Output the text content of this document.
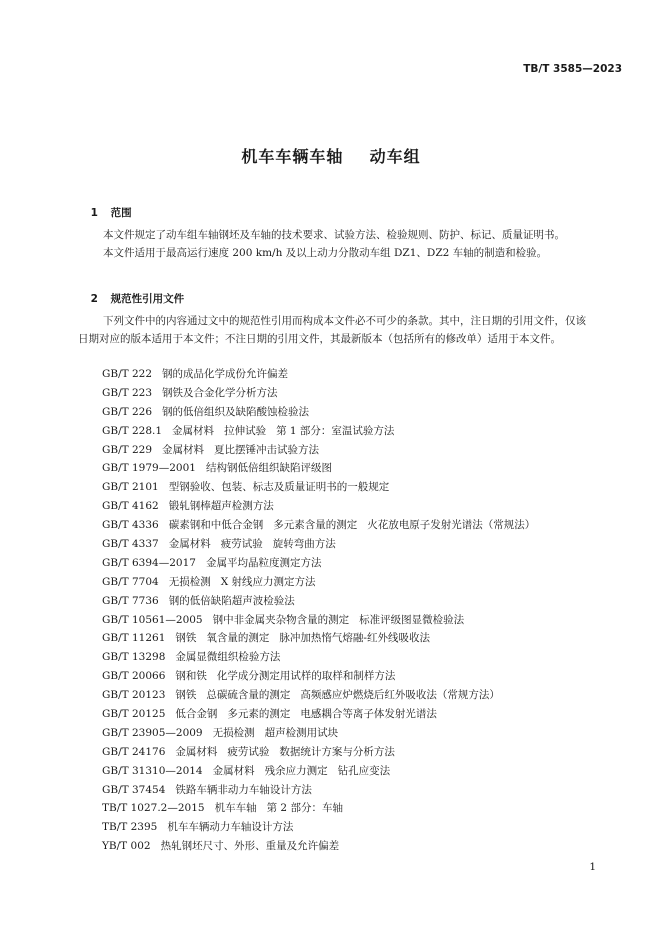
TB/T 3585—2023
机车车辆车轴    动车组

1 范围

本文件规定了动车组车轴钢坯及车轴的技术要求、试验方法、检验规则、防护、标记、质量证明书。

本文件适用于最高运行速度 200 km/h 及以上动力分散动车组 DZ1、DZ2 车轴的制造和检验。

2 规范性引用文件

下列文件中的内容通过文中的规范性引用而构成本文件必不可少的条款。其中，注日期的引用文件，仅该日期对应的版本适用于本文件；不注日期的引用文件，其最新版本（包括所有的修改单）适用于本文件。

GB/T 222   钢的成品化学成份允许偏差
GB/T 223   钢铁及合金化学分析方法
GB/T 226   钢的低倍组织及缺陷酸蚀检验法
GB/T 228.1   金属材料   拉伸试验   第 1 部分：室温试验方法
GB/T 229   金属材料   夏比摆锤冲击试验方法
GB/T 1979—2001   结构钢低倍组织缺陷评级图
GB/T 2101   型钢验收、包装、标志及质量证明书的一般规定
GB/T 4162   锻轧钢棒超声检测方法
GB/T 4336   碳素钢和中低合金钢   多元素含量的测定   火花放电原子发射光谱法（常规法）
GB/T 4337   金属材料   疲劳试验   旋转弯曲方法
GB/T 6394—2017   金属平均晶粒度测定方法
GB/T 7704   无损检测   X 射线应力测定方法
GB/T 7736   钢的低倍缺陷超声波检验法
GB/T 10561—2005   钢中非金属夹杂物含量的测定   标准评级图显微检验法
GB/T 11261   钢铁   氧含量的测定   脉冲加热惰气熔融-红外线吸收法
GB/T 13298   金属显微组织检验方法
GB/T 20066   钢和铁   化学成分测定用试样的取样和制样方法
GB/T 20123   钢铁   总碳硫含量的测定   高频感应炉燃烧后红外吸收法（常规方法）
GB/T 20125   低合金钢   多元素的测定   电感耦合等离子体发射光谱法
GB/T 23905—2009   无损检测   超声检测用试块
GB/T 24176   金属材料   疲劳试验   数据统计方案与分析方法
GB/T 31310—2014   金属材料   残余应力测定   钻孔应变法
GB/T 37454   铁路车辆非动力车轴设计方法
TB/T 1027.2—2015   机车车轴   第 2 部分：车轴
TB/T 2395   机车车辆动力车轴设计方法
YB/T 002   热轧钢坯尺寸、外形、重量及允许偏差
1
